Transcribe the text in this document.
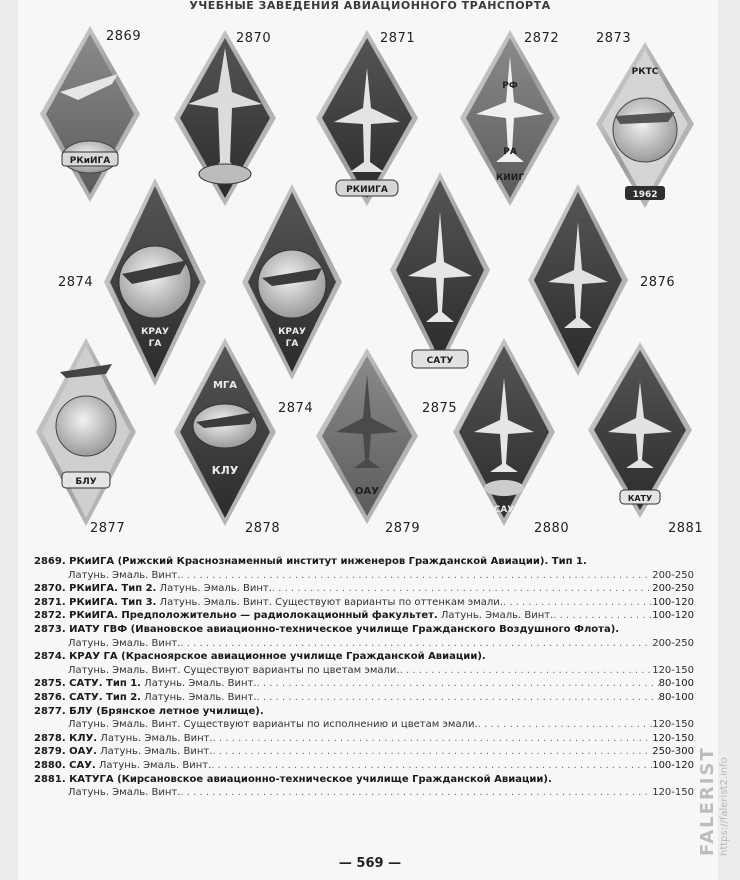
УЧЕБНЫЕ ЗАВЕДЕНИЯ АВИАЦИОННОГО ТРАНСПОРТА
РКиИГА
2869	2870
РКИИГА
2871
РФ
РА
КИИГ
2872
РКТС
1962
2873
КРАУ
ГА
2874
КРАУ
ГА
САТУ
2876
БЛУ
2877
МГА
КЛУ
2878
2874
ОАУ
2875
2879
САУ
2880
КАТУ
2881
2869. РКиИГА (Рижский Краснознаменный институт инженеров Гражданской Авиации). Тип 1.
Латунь. Эмаль. Винт. . . .	200-250
2870. РКиИГА. Тип 2.
Латунь. Эмаль. Винт. . . .	200-250
2871. РКиИГА. Тип 3.
Латунь. Эмаль. Винт. Существуют варианты по оттенкам эмали. . . .	100-120
2872. РКиИГА. Предположительно — радиолокационный факультет.
Латунь. Эмаль. Винт. . . .	100-120
2873. ИАТУ ГВФ (Ивановское авиационно-техническое училище Гражданского Воздушного Флота).
Латунь. Эмаль. Винт. . . .	200-250
2874. КРАУ ГА (Красноярское авиационное училище Гражданской Авиации).
Латунь. Эмаль. Винт. Существуют варианты по цветам эмали. . . .	120-150
2875. САТУ. Тип 1.
Латунь. Эмаль. Винт. . . .	80-100
2876. САТУ. Тип 2.
Латунь. Эмаль. Винт. . . .	80-100
2877. БЛУ (Брянское летное училище).
Латунь. Эмаль. Винт. Существуют варианты по исполнению и цветам эмали. . . .	120-150
2878. КЛУ.
Латунь. Эмаль. Винт. . . .	120-150
2879. ОАУ.
Латунь. Эмаль. Винт. . . .	250-300
2880. САУ.
Латунь. Эмаль. Винт. . . .	100-120
2881. КАТУГА (Кирсановское авиационно-техническое училище Гражданской Авиации).
Латунь. Эмаль. Винт. . . .	120-150
— 569 —
FALERIST https://falerist2.info
